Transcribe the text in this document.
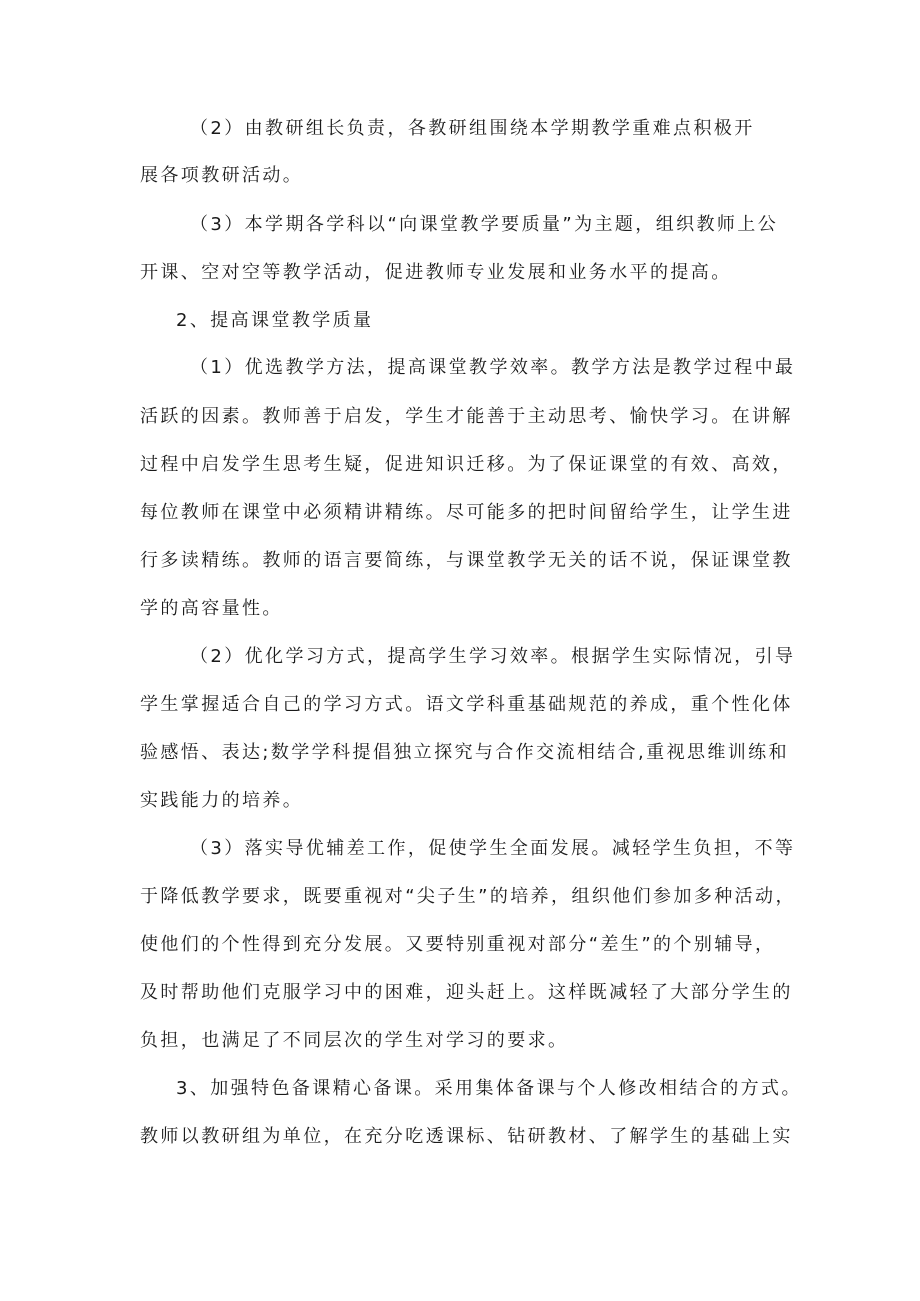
（2）由教研组长负责，各教研组围绕本学期教学重难点积极开
展各项教研活动。
（3）本学期各学科以“向课堂教学要质量”为主题，组织教师上公
开课、空对空等教学活动，促进教师专业发展和业务水平的提高。
2、提高课堂教学质量
（1）优选教学方法，提高课堂教学效率。教学方法是教学过程中最
活跃的因素。教师善于启发，学生才能善于主动思考、愉快学习。在讲解
过程中启发学生思考生疑，促进知识迁移。为了保证课堂的有效、高效，
每位教师在课堂中必须精讲精练。尽可能多的把时间留给学生，让学生进
行多读精练。教师的语言要简练，与课堂教学无关的话不说，保证课堂教
学的高容量性。
（2）优化学习方式，提高学生学习效率。根据学生实际情况，引导
学生掌握适合自己的学习方式。语文学科重基础规范的养成，重个性化体
验感悟、表达;数学学科提倡独立探究与合作交流相结合,重视思维训练和
实践能力的培养。
（3）落实导优辅差工作，促使学生全面发展。减轻学生负担，不等
于降低教学要求，既要重视对“尖子生”的培养，组织他们参加多种活动，
使他们的个性得到充分发展。又要特别重视对部分“差生”的个别辅导，
及时帮助他们克服学习中的困难，迎头赶上。这样既减轻了大部分学生的
负担，也满足了不同层次的学生对学习的要求。
3、加强特色备课精心备课。采用集体备课与个人修改相结合的方式。
教师以教研组为单位，在充分吃透课标、钻研教材、了解学生的基础上实
